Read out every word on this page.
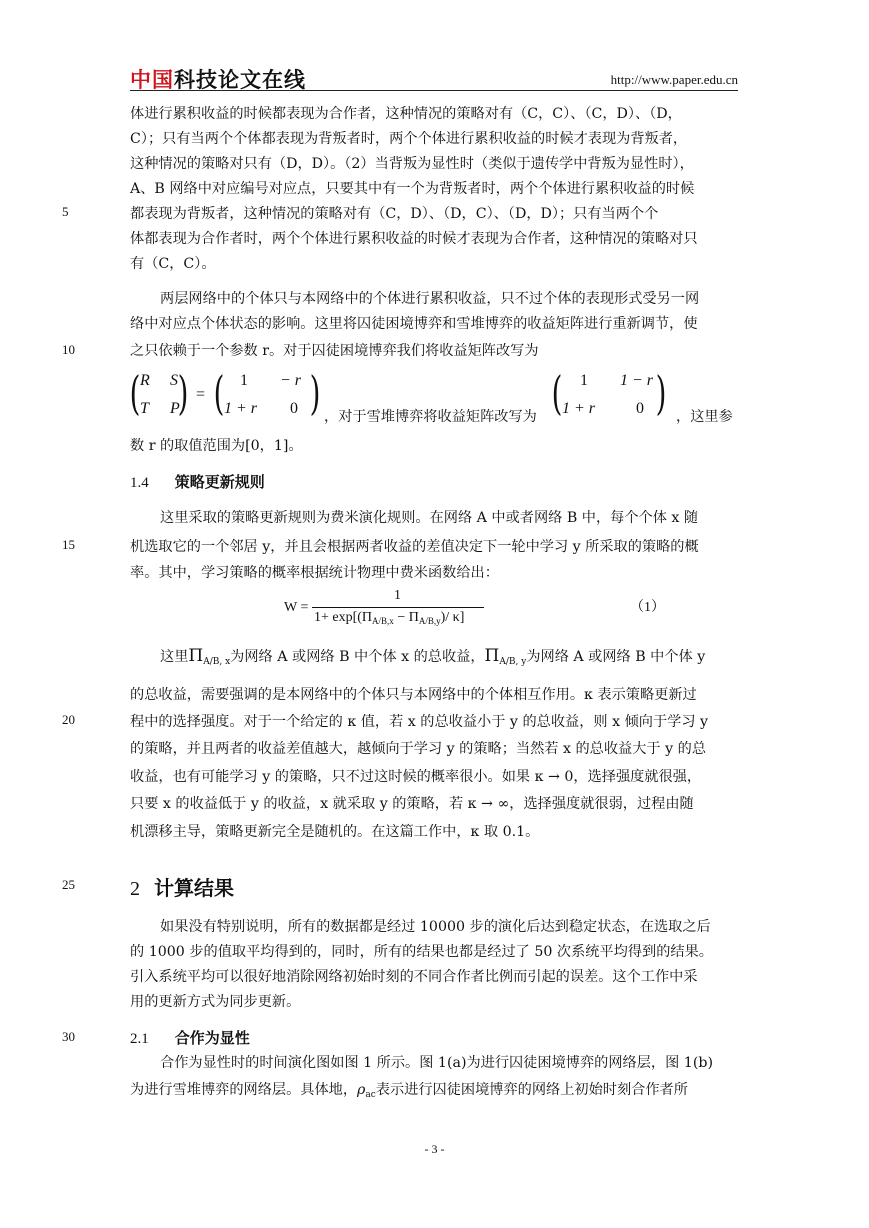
中国科技论文在线	http://www.paper.edu.cn
5
10
15
20
25
30
体进行累积收益的时候都表现为合作者，这种情况的策略对有（C，C）、（C，D）、（D，
C）；只有当两个个体都表现为背叛者时，两个个体进行累积收益的时候才表现为背叛者，
这种情况的策略对只有（D，D）。（2）当背叛为显性时（类似于遗传学中背叛为显性时），
A、B 网络中对应编号对应点，只要其中有一个为背叛者时，两个个体进行累积收益的时候
都表现为背叛者，这种情况的策略对有（C，D）、（D，C）、（D，D）；只有当两个个
体都表现为合作者时，两个个体进行累积收益的时候才表现为合作者，这种情况的策略对只
有（C，C）。
两层网络中的个体只与本网络中的个体进行累积收益，只不过个体的表现形式受另一网
络中对应点个体状态的影响。这里将囚徒困境博弈和雪堆博弈的收益矩阵进行重新调节，使
之只依赖于一个参数 r。对于囚徒困境博弈我们将收益矩阵改写为
( R S
T P
) = ( 1 − r
1 + r 0 ) ，对于雪堆博弈将收益矩阵改写为 ( 1 1 − r
1 + r	0 ) ，这里参
数 r 的取值范围为[0，1]。
1.4 策略更新规则
这里采取的策略更新规则为费米演化规则。在网络 A 中或者网络 B 中，每个个体 x 随
机选取它的一个邻居 y，并且会根据两者收益的差值决定下一轮中学习 y 所采取的策略的概
率。其中，学习策略的概率根据统计物理中费米函数给出：
W =
1
$1+ \exp[(\Pi_{A/B,x} - \Pi_{A/B,y})/$ κ]
（1）
这里$\Pi_{A/B, x}$为网络 A 或网络 B 中个体 x 的总收益，$\Pi_{A/B, y}$为网络 A 或网络 B 中个体 y
的总收益，需要强调的是本网络中的个体只与本网络中的个体相互作用。κ 表示策略更新过
程中的选择强度。对于一个给定的 κ 值，若 x 的总收益小于 y 的总收益，则 x 倾向于学习 y
的策略，并且两者的收益差值越大，越倾向于学习 y 的策略；当然若 x 的总收益大于 y 的总
收益，也有可能学习 y 的策略，只不过这时候的概率很小。如果 κ → 0，选择强度就很强，
只要 x 的收益低于 y 的收益，x 就采取 y 的策略，若 κ → ∞，选择强度就很弱，过程由随
机漂移主导，策略更新完全是随机的。在这篇工作中，κ 取 0.1。
2 计算结果
如果没有特别说明，所有的数据都是经过 10000 步的演化后达到稳定状态，在选取之后
的 1000 步的值取平均得到的，同时，所有的结果也都是经过了 50 次系统平均得到的结果。
引入系统平均可以很好地消除网络初始时刻的不同合作者比例而引起的误差。这个工作中采
用的更新方式为同步更新。
2.1 合作为显性
合作为显性时的时间演化图如图 1 所示。图 1(a)为进行囚徒困境博弈的网络层，图 1(b)
为进行雪堆博弈的网络层。具体地，$\rho_{ac}$表示进行囚徒困境博弈的网络上初始时刻合作者所
- 3 -
